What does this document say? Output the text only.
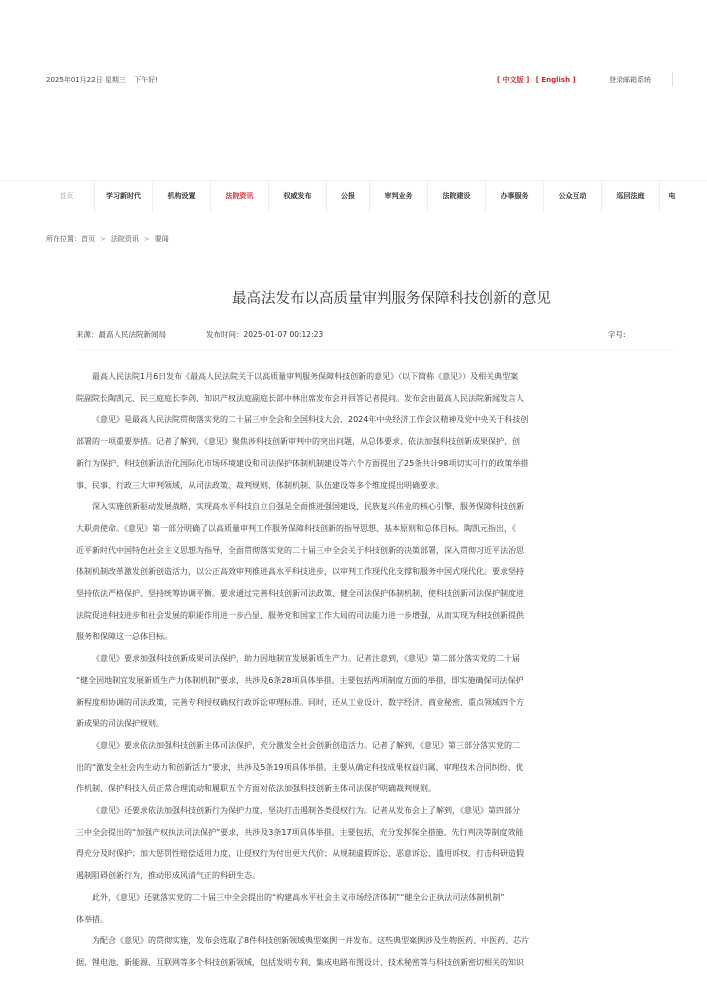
2025年01月22日 星期三 下午好!	[ 中文版 ] [ English ]	登录邮箱系统
首页	学习新时代	机构设置	法院资讯	权威发布	公报	审判业务	法院建设	办事服务	公众互动	巡回法庭	电
所在位置：首页 > 法院资讯 > 要闻
最高法发布以高质量审判服务保障科技创新的意见
来源：最高人民法院新闻局	发布时间：2025-01-07 00:12:23	字号:

最高人民法院1月6日发布《最高人民法院关于以高质量审判服务保障科技创新的意见》（以下简称《意见》）及相关典型案

院副院长陶凯元、民三庭庭长李剑、知识产权法庭副庭长郃中林出席发布会并回答记者提问。发布会由最高人民法院新闻发言人

《意见》是最高人民法院贯彻落实党的二十届三中全会和全国科技大会、2024年中央经济工作会议精神及党中央关于科技创

部署的一项重要举措。记者了解到，《意见》聚焦涉科技创新审判中的突出问题，从总体要求、依法加强科技创新成果保护、创

新行为保护、科技创新法治化国际化市场环境建设和司法保护体制机制建设等六个方面提出了25条共计98项切实可行的政策举措

事、民事、行政三大审判领域，从司法政策、裁判规则、体制机制、队伍建设等多个维度提出明确要求。

深入实施创新驱动发展战略，实现高水平科技自立自强是全面推进强国建设、民族复兴伟业的核心引擎，服务保障科技创新

大职责使命。《意见》第一部分明确了以高质量审判工作服务保障科技创新的指导思想、基本原则和总体目标。陶凯元指出，《

近平新时代中国特色社会主义思想为指导，全面贯彻落实党的二十届三中全会关于科技创新的决策部署，深入贯彻习近平法治思

体制机制改革激发创新创造活力，以公正高效审判推进高水平科技进步，以审判工作现代化支撑和服务中国式现代化。要求坚持

坚持依法严格保护、坚持统筹协调平衡。要求通过完善科技创新司法政策、健全司法保护体制机制，使科技创新司法保护制度进

法院促进科技进步和社会发展的职能作用进一步凸显、服务党和国家工作大局的司法能力进一步增强，从而实现为科技创新提供

服务和保障这一总体目标。

《意见》要求加强科技创新成果司法保护，助力因地制宜发展新质生产力。记者注意到，《意见》第二部分落实党的二十届

“健全因地制宜发展新质生产力体制机制”要求，共涉及6条28项具体举措。主要包括两项制度方面的举措，即实施确保司法保护

新程度相协调的司法政策，完善专利授权确权行政诉讼审理标准。同时，还从工业设计、数字经济、商业秘密、重点领域四个方

新成果的司法保护规则。

《意见》要求依法加强科技创新主体司法保护，充分激发全社会创新创造活力。记者了解到，《意见》第三部分落实党的二

出的“激发全社会内生动力和创新活力”要求，共涉及5条19项具体举措。主要从确定科技成果权益归属、审理技术合同纠纷、优

作机制、保护科技人员正常合理流动和履职五个方面对依法加强科技创新主体司法保护明确裁判规则。

《意见》还要求依法加强科技创新行为保护力度，坚决打击遏制各类侵权行为。记者从发布会上了解到，《意见》第四部分

三中全会提出的“加强产权执法司法保护”要求，共涉及3条17项具体举措。主要包括，充分发挥保全措施、先行判决等制度效能

得充分及时保护；加大惩罚性赔偿适用力度，让侵权行为付出更大代价；从规制虚假诉讼、恶意诉讼、滥用诉权、打击科研造假

遏制阻碍创新行为，推动形成风清气正的科研生态。

此外，《意见》还就落实党的二十届三中全会提出的“构建高水平社会主义市场经济体制”“健全公正执法司法体制机制”

体举措。

为配合《意见》的贯彻实施，发布会选取了8件科技创新领域典型案例一并发布。这些典型案例涉及生物医药、中医药、芯片

据、锂电池、新能源、互联网等多个科技创新领域，包括发明专利、集成电路布图设计、技术秘密等与科技创新密切相关的知识
